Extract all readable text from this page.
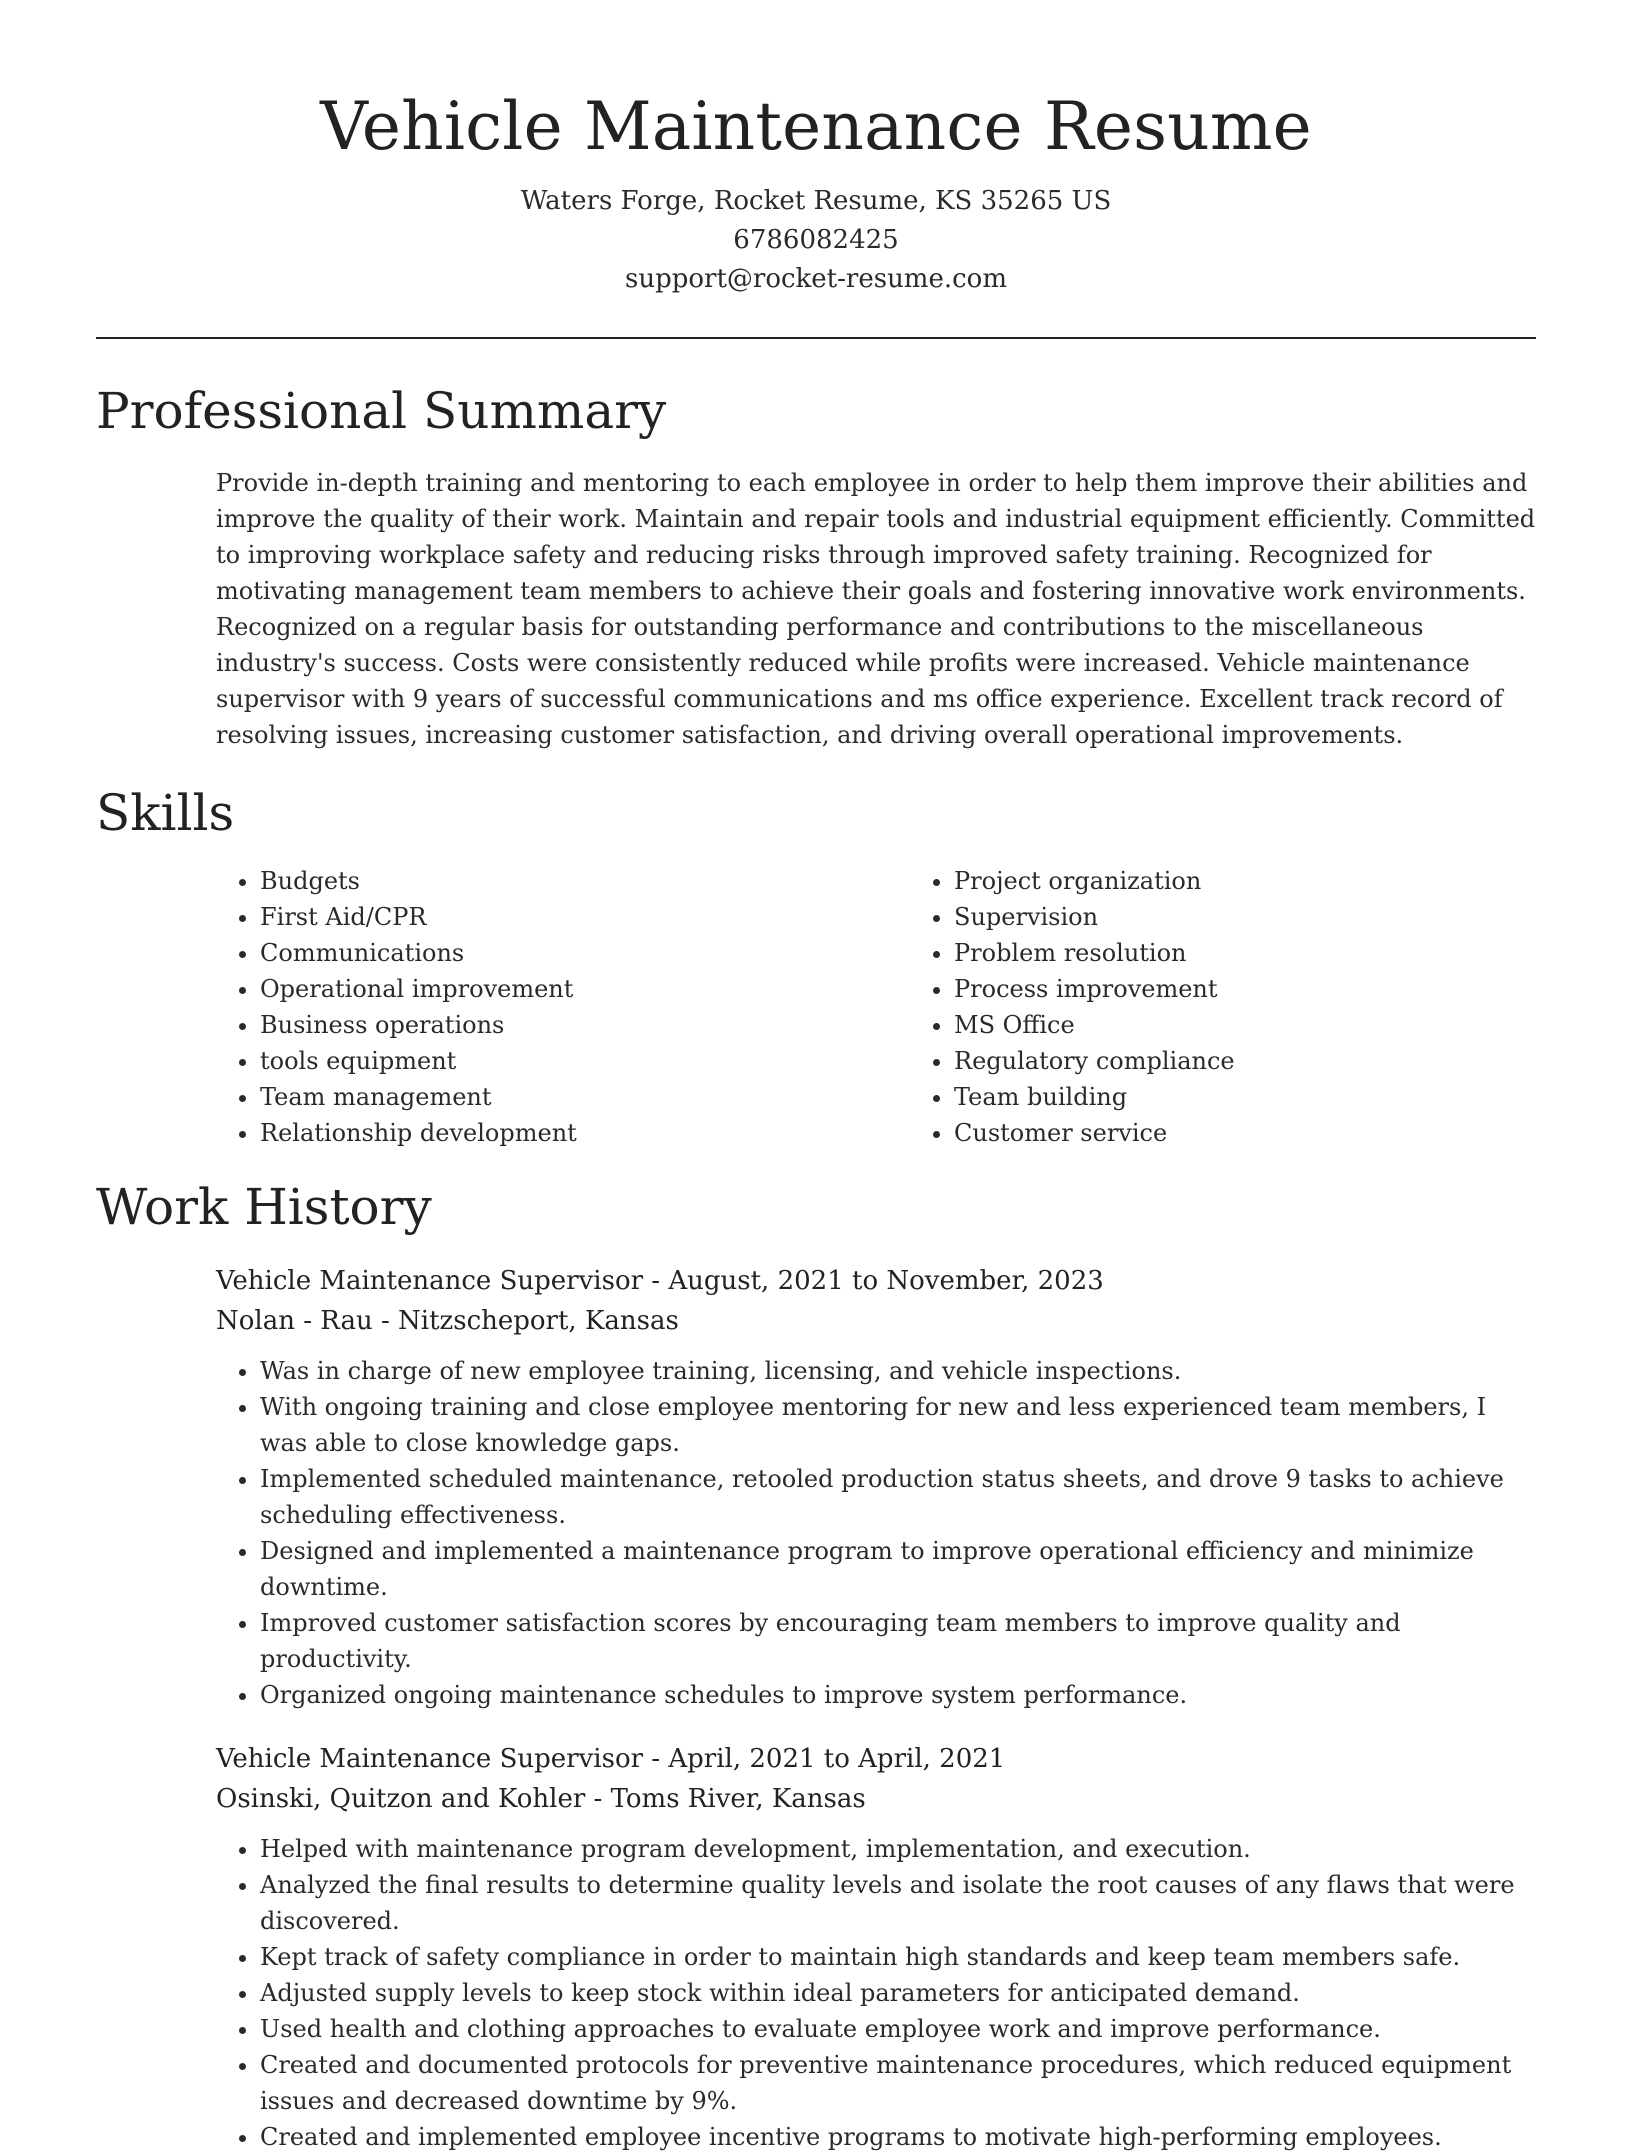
Vehicle Maintenance Resume
Waters Forge, Rocket Resume, KS 35265 US
6786082425
support@rocket-resume.com
Professional Summary

Provide in-depth training and mentoring to each employee in order to help them improve their abilities and improve the quality of their work. Maintain and repair tools and industrial equipment efficiently. Committed to improving workplace safety and reducing risks through improved safety training. Recognized for motivating management team members to achieve their goals and fostering innovative work environments. Recognized on a regular basis for outstanding performance and contributions to the miscellaneous industry's success. Costs were consistently reduced while profits were increased. Vehicle maintenance supervisor with 9 years of successful communications and ms office experience. Excellent track record of resolving issues, increasing customer satisfaction, and driving overall operational improvements.

Skills
• Budgets
• First Aid/CPR
• Communications
• Operational improvement
• Business operations
• tools equipment
• Team management
• Relationship development
• Project organization
• Supervision
• Problem resolution
• Process improvement
• MS Office
• Regulatory compliance
• Team building
• Customer service
Work History
Vehicle Maintenance Supervisor - August, 2021 to November, 2023
Nolan - Rau - Nitzscheport, Kansas
• Was in charge of new employee training, licensing, and vehicle inspections.
• With ongoing training and close employee mentoring for new and less experienced team members, I was able to close knowledge gaps.
• Implemented scheduled maintenance, retooled production status sheets, and drove 9 tasks to achieve scheduling effectiveness.
• Designed and implemented a maintenance program to improve operational efficiency and minimize downtime.
• Improved customer satisfaction scores by encouraging team members to improve quality and productivity.
• Organized ongoing maintenance schedules to improve system performance.
Vehicle Maintenance Supervisor - April, 2021 to April, 2021
Osinski, Quitzon and Kohler - Toms River, Kansas
• Helped with maintenance program development, implementation, and execution.
• Analyzed the final results to determine quality levels and isolate the root causes of any flaws that were discovered.
• Kept track of safety compliance in order to maintain high standards and keep team members safe.
• Adjusted supply levels to keep stock within ideal parameters for anticipated demand.
• Used health and clothing approaches to evaluate employee work and improve performance.
• Created and documented protocols for preventive maintenance procedures, which reduced equipment issues and decreased downtime by 9%.
• Created and implemented employee incentive programs to motivate high-performing employees.
